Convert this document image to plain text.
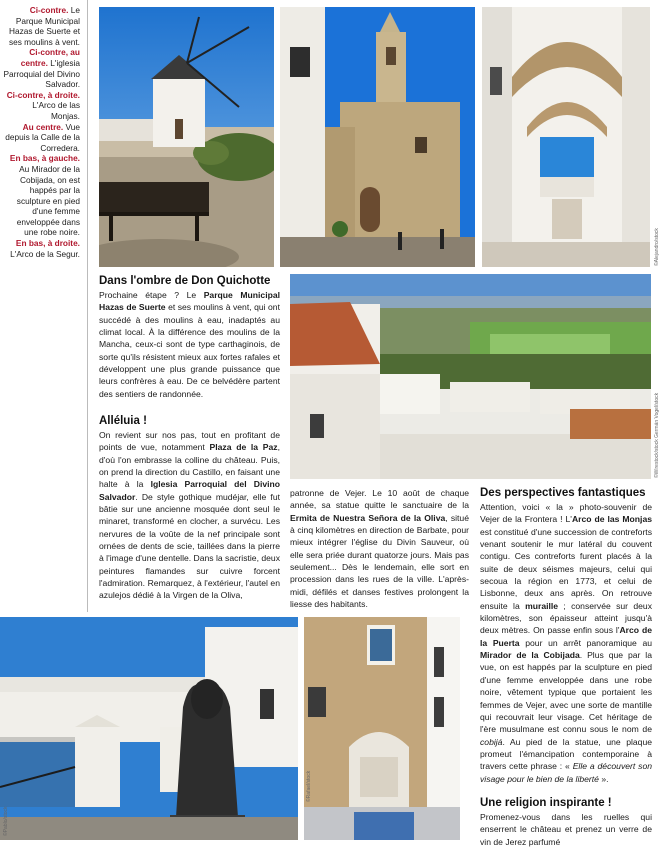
Ci-contre. Le Parque Municipal Hazas de Suerte et ses moulins à vent.
Ci-contre, au centre. L'iglesia Parroquial del Divino Salvador.
Ci-contre, à droite. L'Arco de las Monjas.
Au centre. Vue depuis la Calle de la Corredera.
En bas, à gauche. Au Mirador de la Cobijada, on est happés par la sculpture en pied d'une femme enveloppée dans une robe noire.
En bas, à droite. L'Arco de la Segur.	©Alejandro/stock
Dans l'ombre de Don Quichotte

Prochaine étape ? Le Parque Municipal Hazas de Suerte et ses moulins à vent, qui ont succédé à des moulins à eau, inadaptés au climat local. À la différence des moulins de la Mancha, ceux-ci sont de type carthaginois, de sorte qu'ils résistent mieux aux fortes rafales et développent une plus grande puissance que leurs confrères à eau. De ce belvédère partent des sentiers de randonnée.

Alléluia !

On revient sur nos pas, tout en profitant de points de vue, notamment Plaza de la Paz, d'où l'on embrasse la colline du château. Puis, on prend la direction du Castillo, en faisant une halte à la Iglesia Parroquial del Divino Salvador. De style gothique mudéjar, elle fut bâtie sur une ancienne mosquée dont seul le minaret, transformé en clocher, a survécu. Les nervures de la voûte de la nef principale sont ornées de dents de scie, taillées dans la pierre à l'image d'une dentelle. Dans la sacristie, deux peintures flamandes sur cuivre forcent l'admiration. Remarquez, à l'extérieur, l'autel en azulejos dédié à la Virgen de la Oliva,

©Wirestock/stock Germán Vogel/stock

patronne de Vejer. Le 10 août de chaque année, sa statue quitte le sanctuaire de la Ermita de Nuestra Señora de la Oliva, situé à cinq kilomètres en direction de Barbate, pour mieux intégrer l'église du Divin Sauveur, où elle sera priée durant quatorze jours. Mais pas seulement... Dès le lendemain, elle sort en procession dans les rues de la ville. L'après-midi, défilés et danses festives prolongent la liesse des habitants.

Des perspectives fantastiques

Attention, voici « la » photo-souvenir de Vejer de la Frontera ! L'Arco de las Monjas est constitué d'une succession de contreforts venant soutenir le mur latéral du couvent contigu. Ces contreforts furent placés à la suite de deux séismes majeurs, celui qui secoua la région en 1773, et celui de Lisbonne, deux ans après. On retrouve ensuite la muraille ; conservée sur deux kilomètres, son épaisseur atteint jusqu'à deux mètres. On passe enfin sous l'Arco de la Puerta pour un arrêt panoramique au Mirador de la Cobijada. Plus que par la vue, on est happés par la sculpture en pied d'une femme enveloppée dans une robe noire, vêtement typique que portaient les femmes de Vejer, avec une sorte de mantille qui recouvrait leur visage. Cet héritage de l'ère musulmane est connu sous le nom de cobijá. Au pied de la statue, une plaque promeut l'émancipation contemporaine à travers cette phrase : « Elle a découvert son visage pour le bien de la liberté ».

Une religion inspirante !

Promenez-vous dans les ruelles qui enserrent le château et prenez un verre de vin de Jerez parfumé

©Pablo/stock
©Rafael/stock
